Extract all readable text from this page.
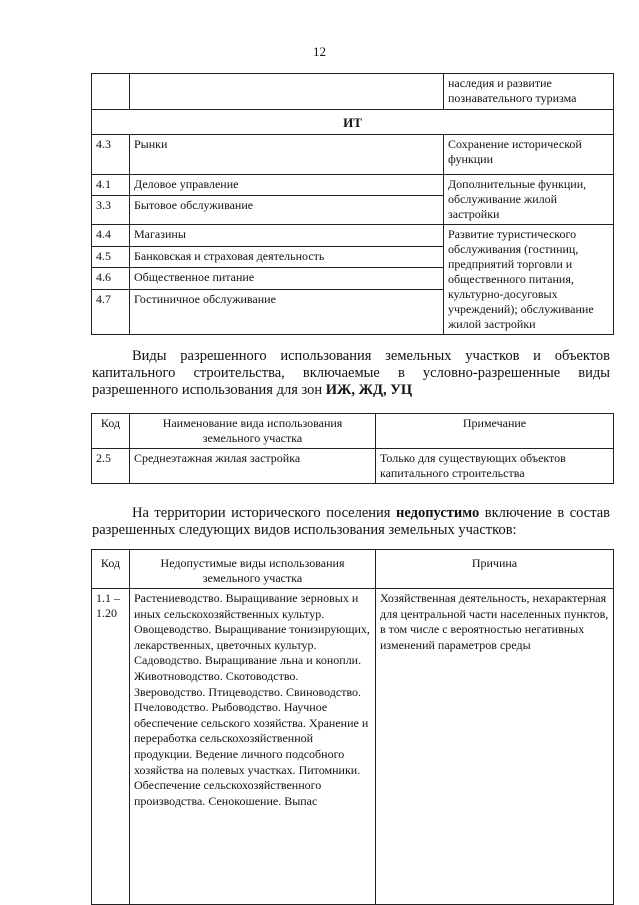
12
		наследия и развитие познавательного туризма
ИТ		
4.3	Рынки	Сохранение исторической функции
4.1	Деловое управление	Дополнительные функции, обслуживание жилой застройки
3.3	Бытовое обслуживание	
4.4	Магазины	Развитие туристического обслуживания (гостиниц, предприятий торговли и общественного питания, культурно-досуговых учреждений); обслуживание жилой застройки
4.5	Банковская и страховая деятельность	
4.6	Общественное питание	
4.7	Гостиничное обслуживание	
Виды разрешенного использования земельных участков и объектов капитального строительства, включаемые в условно-разрешенные виды разрешенного использования для зон ИЖ, ЖД, УЦ
Код	Наименование вида использования земельного участка	Примечание
2.5	Среднеэтажная жилая застройка	Только для существующих объектов капитального строительства
На территории исторического поселения недопустимо включение в состав разрешенных следующих видов использования земельных участков:
Код	Недопустимые виды использования земельного участка	Причина
1.1 – 1.20	Растениеводство. Выращивание зерновых и иных сельскохозяйственных культур. Овощеводство. Выращивание тонизирующих, лекарственных, цветочных культур. Садоводство. Выращивание льна и конопли. Животноводство. Скотоводство. Звероводство. Птицеводство. Свиноводство. Пчеловодство. Рыбоводство. Научное обеспечение сельского хозяйства. Хранение и переработка сельскохозяйственной продукции. Ведение личного подсобного хозяйства на полевых участках. Питомники. Обеспечение сельскохозяйственного производства. Сенокошение. Выпас	Хозяйственная деятельность, нехарактерная для центральной части населенных пунктов, в том числе с вероятностью негативных изменений параметров среды
